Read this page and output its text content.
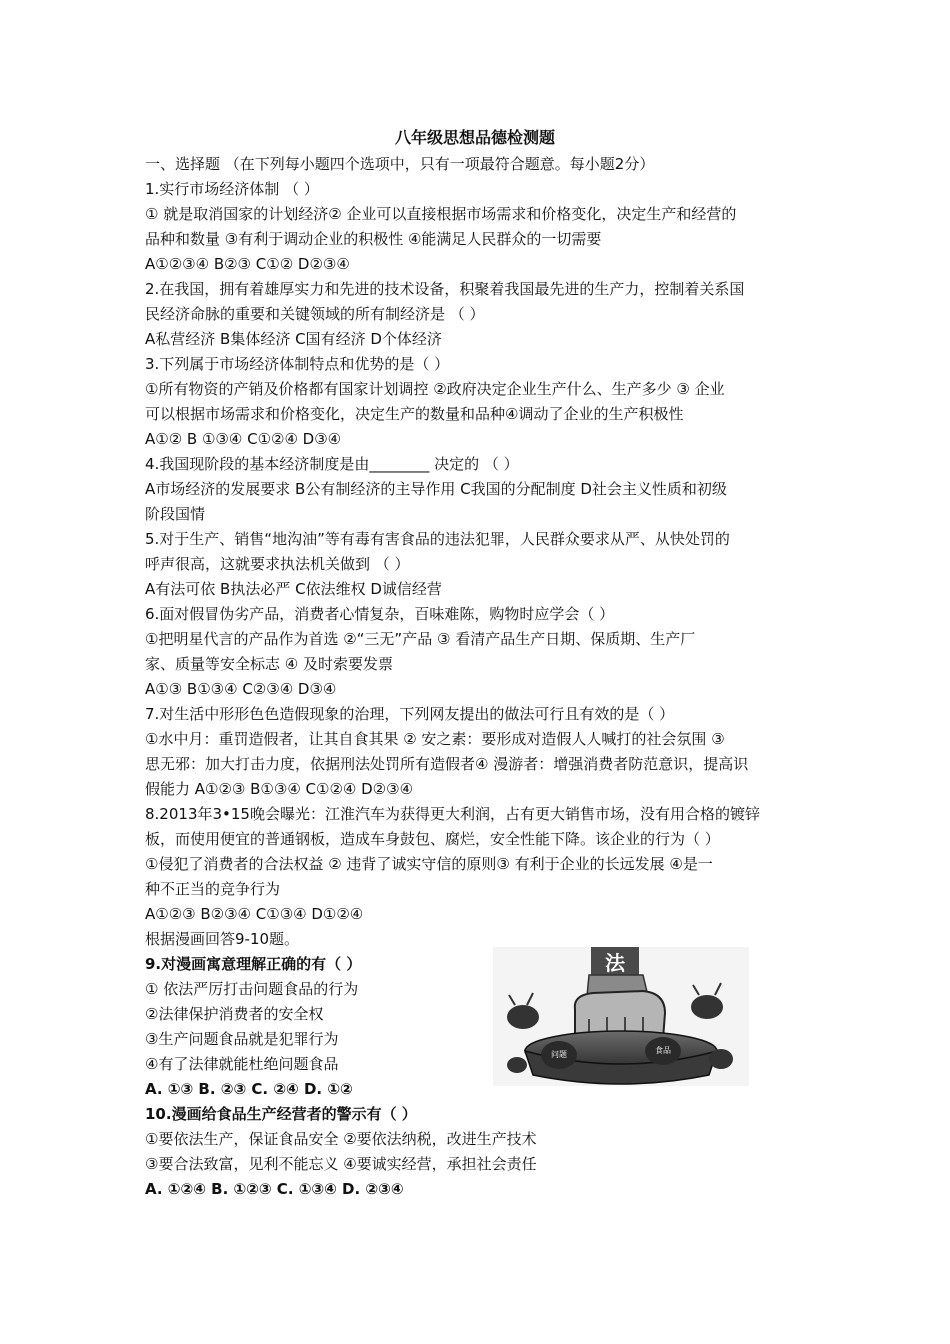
八年级思想品德检测题
一、选择题 （在下列每小题四个选项中，只有一项最符合题意。每小题2分）
1.实行市场经济体制 （ ）
① 就是取消国家的计划经济② 企业可以直接根据市场需求和价格变化，决定生产和经营的
品种和数量 ③有利于调动企业的积极性 ④能满足人民群众的一切需要
A①②③④ B②③ C①② D②③④
2.在我国，拥有着雄厚实力和先进的技术设备，积聚着我国最先进的生产力，控制着关系国
民经济命脉的重要和关键领域的所有制经济是 （ ）
A私营经济 B集体经济 C国有经济 D个体经济
3.下列属于市场经济体制特点和优势的是（ ）
①所有物资的产销及价格都有国家计划调控 ②政府决定企业生产什么、生产多少 ③ 企业
可以根据市场需求和价格变化，决定生产的数量和品种④调动了企业的生产积极性
A①② B ①③④ C①②④ D③④
4.我国现阶段的基本经济制度是由________ 决定的 （ ）
A市场经济的发展要求 B公有制经济的主导作用 C我国的分配制度 D社会主义性质和初级
阶段国情
5.对于生产、销售“地沟油”等有毒有害食品的违法犯罪，人民群众要求从严、从快处罚的
呼声很高，这就要求执法机关做到 （ ）
A有法可依 B执法必严 C依法维权 D诚信经营
6.面对假冒伪劣产品，消费者心情复杂，百味难陈，购物时应学会（ ）
①把明星代言的产品作为首选 ②“三无”产品 ③ 看清产品生产日期、保质期、生产厂
家、质量等安全标志 ④ 及时索要发票
A①③ B①③④ C②③④ D③④
7.对生活中形形色色造假现象的治理，下列网友提出的做法可行且有效的是（ ）
①水中月：重罚造假者，让其自食其果 ② 安之素：要形成对造假人人喊打的社会氛围 ③
思无邪：加大打击力度，依据刑法处罚所有造假者④ 漫游者：增强消费者防范意识，提高识
假能力 A①②③ B①③④ C①②④ D②③④
8.2013年3•15晚会曝光：江淮汽车为获得更大利润，占有更大销售市场，没有用合格的镀锌
板，而使用便宜的普通钢板，造成车身鼓包、腐烂，安全性能下降。该企业的行为（ ）
①侵犯了消费者的合法权益 ② 违背了诚实守信的原则③ 有利于企业的长远发展 ④是一
种不正当的竞争行为
A①②③ B②③④ C①③④ D①②④
根据漫画回答9-10题。
9.对漫画寓意理解正确的有（ ）
① 依法严厉打击问题食品的行为
②法律保护消费者的安全权
③生产问题食品就是犯罪行为
④有了法律就能杜绝问题食品
A. ①③ B. ②③ C. ②④ D. ①②
10.漫画给食品生产经营者的警示有（ ）
①要依法生产，保证食品安全 ②要依法纳税，改进生产技术
③要合法致富，见利不能忘义 ④要诚实经营，承担社会责任
A. ①②④ B. ①②③ C. ①③④ D. ②③④
法
问题	食品
